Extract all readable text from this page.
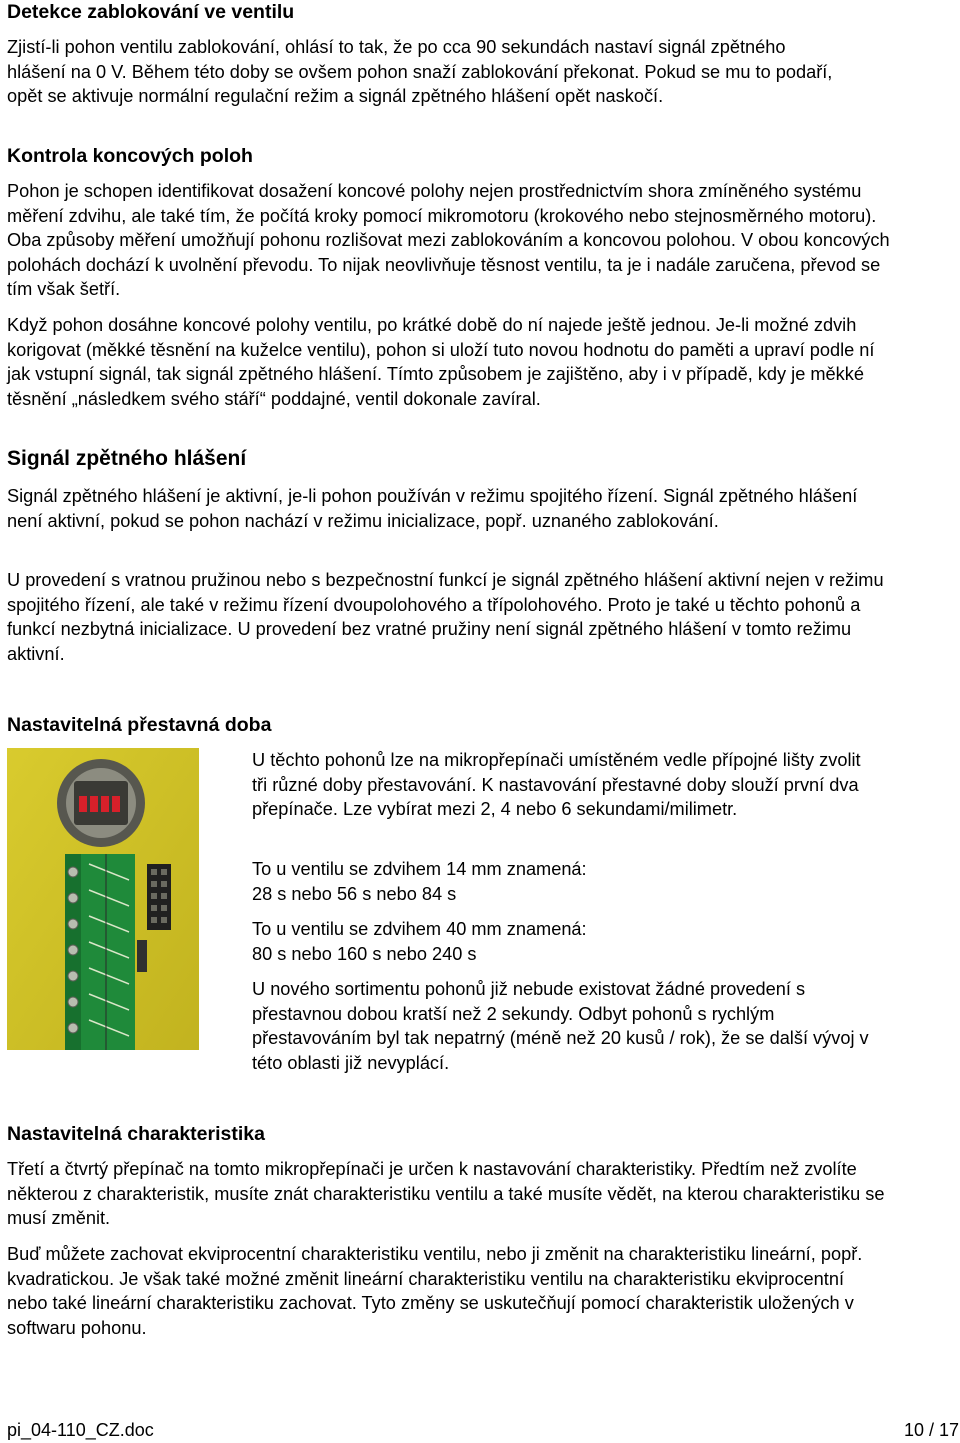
Detekce zablokování ve ventilu

Zjistí-li pohon ventilu zablokování, ohlásí to tak, že po cca 90 sekundách nastaví signál zpětného hlášení na 0 V. Během této doby se ovšem pohon snaží zablokování překonat. Pokud se mu to podaří, opět se aktivuje normální regulační režim a signál zpětného hlášení opět naskočí.

Kontrola koncových poloh

Pohon je schopen identifikovat dosažení koncové polohy nejen prostřednictvím shora zmíněného systému měření zdvihu, ale také tím, že počítá kroky pomocí mikromotoru (krokového nebo stejnosměrného motoru). Oba způsoby měření umožňují pohonu rozlišovat mezi zablokováním a koncovou polohou. V obou koncových polohách dochází k uvolnění převodu. To nijak neovlivňuje těsnost ventilu, ta je i nadále zaručena, převod se tím však šetří.

Když pohon dosáhne koncové polohy ventilu, po krátké době do ní najede ještě jednou. Je-li možné zdvih korigovat (měkké těsnění na kuželce ventilu), pohon si uloží tuto novou hodnotu do paměti a upraví podle ní jak vstupní signál, tak signál zpětného hlášení. Tímto způsobem je zajištěno, aby i v případě, kdy je měkké těsnění „následkem svého stáří“ poddajné, ventil dokonale zavíral.

Signál zpětného hlášení

Signál zpětného hlášení je aktivní, je-li pohon používán v režimu spojitého řízení. Signál zpětného hlášení není aktivní, pokud se pohon nachází v režimu inicializace, popř. uznaného zablokování.

U provedení s vratnou pružinou nebo s bezpečnostní funkcí je signál zpětného hlášení aktivní nejen v režimu spojitého řízení, ale také v režimu řízení dvoupolohového a třípolohového. Proto je také u těchto pohonů a funkcí nezbytná inicializace. U provedení bez vratné pružiny není signál zpětného hlášení v tomto režimu aktivní.

Nastavitelná přestavná doba

U těchto pohonů lze na mikropřepínači umístěném vedle přípojné lišty zvolit tři různé doby přestavování. K nastavování přestavné doby slouží první dva přepínače. Lze vybírat mezi 2, 4 nebo 6 sekundami/milimetr.

To u ventilu se zdvihem 14 mm znamená:

28 s nebo 56 s nebo 84 s

To u ventilu se zdvihem 40 mm znamená:

80 s nebo 160 s nebo 240 s

U nového sortimentu pohonů již nebude existovat žádné provedení s přestavnou dobou kratší než 2 sekundy. Odbyt pohonů s rychlým přestavováním byl tak nepatrný (méně než 20 kusů / rok), že se další vývoj v této oblasti již nevyplácí.

Nastavitelná charakteristika

Třetí a čtvrtý přepínač na tomto mikropřepínači je určen k nastavování charakteristiky. Předtím než zvolíte některou z charakteristik, musíte znát charakteristiku ventilu a také musíte vědět, na kterou charakteristiku se musí změnit.

Buď můžete zachovat ekviprocentní charakteristiku ventilu, nebo ji změnit na charakteristiku lineární, popř. kvadratickou. Je však také možné změnit lineární charakteristiku ventilu na charakteristiku ekviprocentní nebo také lineární charakteristiku zachovat. Tyto změny se uskutečňují pomocí charakteristik uložených v softwaru pohonu.

pi_04-110_CZ.doc	10 / 17
